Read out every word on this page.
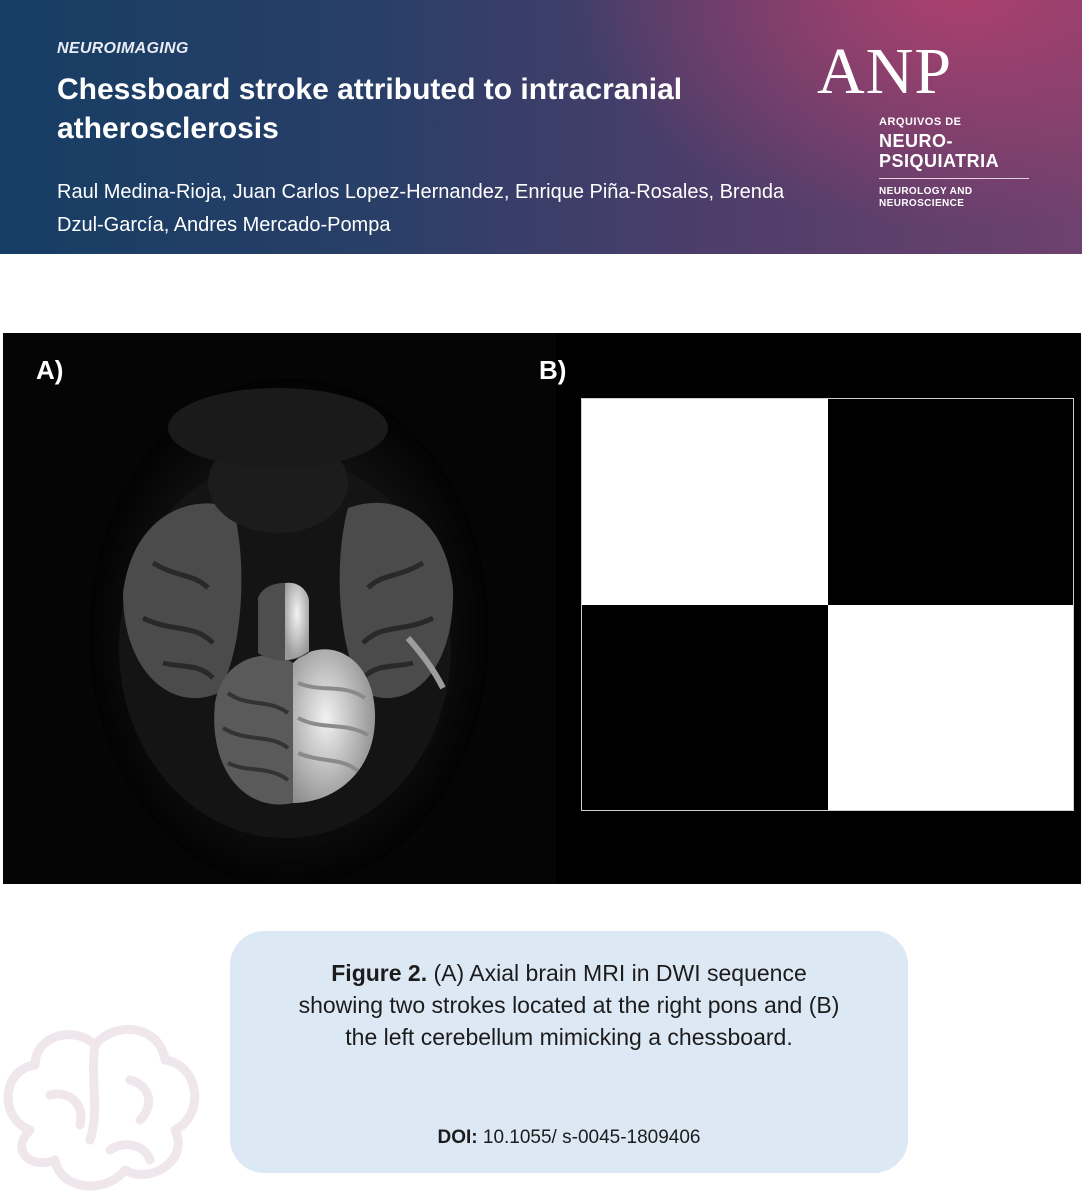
NEUROIMAGING
Chessboard stroke attributed to intracranial atherosclerosis
Raul Medina-Rioja, Juan Carlos Lopez-Hernandez, Enrique Piña-Rosales, Brenda Dzul-García, Andres Mercado-Pompa
ANP
ARQUIVOS DE
NEURO-
PSIQUIATRIA
NEUROLOGY AND
NEUROSCIENCE
A)	B)
Figure 2. (A) Axial brain MRI in DWI sequence showing two strokes located at the right pons and (B) the left cerebellum mimicking a chessboard.
DOI: 10.1055/ s-0045-1809406
